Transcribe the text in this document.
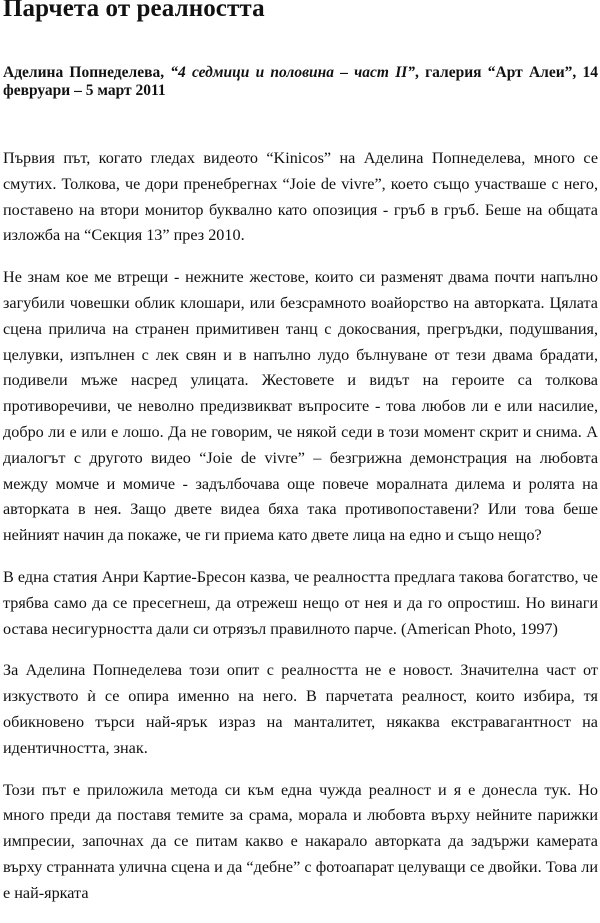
Парчета от реалността

Аделина Попнеделева, “4 седмици и половина – част II”, галерия “Арт Алеи”, 14 февруари – 5 март 2011

Първия път, когато гледах видеото “Kinicos” на Аделина Попнеделева, много се смутих. Толкова, че дори пренебрегнах “Joie de vivre”, което също участваше с него, поставено на втори монитор буквално като опозиция - гръб в гръб. Беше на общата изложба на “Секция 13” през 2010.

Не знам кое ме втрещи - нежните жестове, които си разменят двама почти напълно загубили човешки облик клошари, или безсрамното воайорство на авторката. Цялата сцена прилича на странен примитивен танц с докосвания, прегръдки, подушвания, целувки, изпълнен с лек свян и в напълно лудо бълнуване от тези двама брадати, подивели мъже насред улицата. Жестовете и видът на героите са толкова противоречиви, че неволно предизвикват въпросите - това любов ли е или насилие, добро ли е или е лошо. Да не говорим, че някой седи в този момент скрит и снима. А диалогът с другото видео “Joie de vivre” – безгрижна демонстрация на любовта между момче и момиче - задълбочава още повече моралната дилема и ролята на авторката в нея. Защо двете видеа бяха така противопоставени? Или това беше нейният начин да покаже, че ги приема като двете лица на едно и също нещо?

В една статия Анри Картие-Бресон казва, че реалността предлага такова богатство, че трябва само да се пресегнеш, да отрежеш нещо от нея и да го опростиш. Но винаги остава несигурността дали си отрязъл правилното парче. (American Photo, 1997)

За Аделина Попнеделева този опит с реалността не е новост. Значителна част от изкуството ѝ се опира именно на него. В парчетата реалност, които избира, тя обикновено търси най-ярък израз на манталитет, някаква екстравагантност на идентичността, знак.

Този път е приложила метода си към една чужда реалност и я е донесла тук. Но много преди да поставя темите за срама, морала и любовта върху нейните парижки импресии, започнах да се питам какво е накарало авторката да задържи камерата върху странната улична сцена и да “дебне” с фотоапарат целуващи се двойки. Това ли е най-ярката
